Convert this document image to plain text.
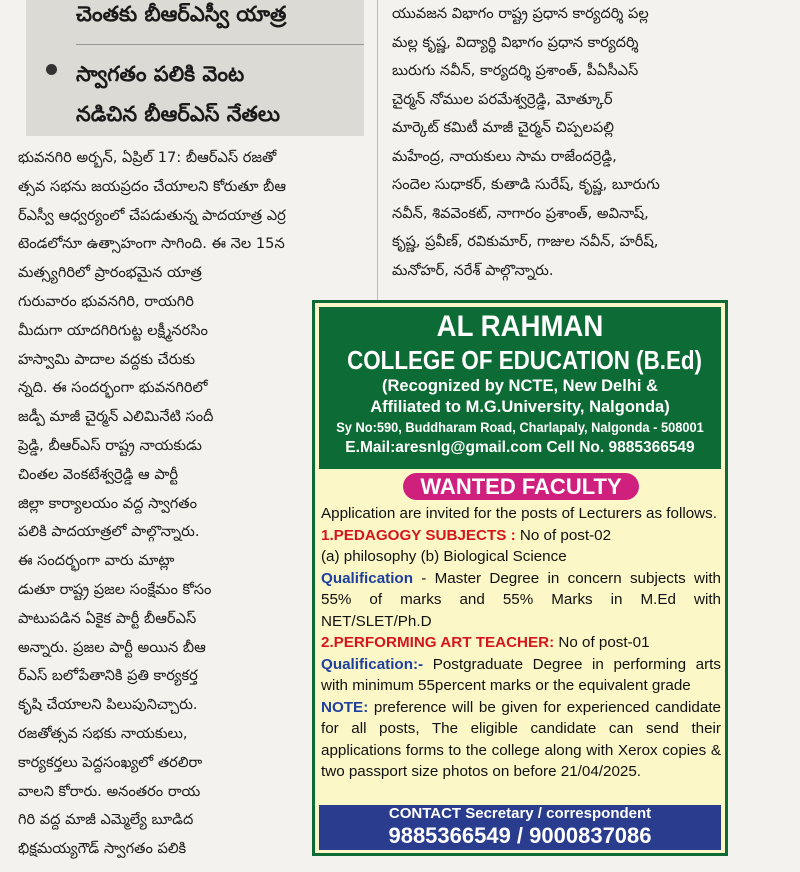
చెంతకు బీఆర్ఎస్వీ యాత్ర
స్వాగతం పలికి వెంట
నడిచిన బీఆర్ఎస్ నేతలు
భువనగిరి అర్బన్, ఏప్రిల్ 17: బీఆర్ఎస్ రజతో
త్సవ సభను జయప్రదం చేయాలని కోరుతూ బీఆ
ర్ఎస్వీ ఆధ్వర్యంలో చేపడుతున్న పాదయాత్ర ఎర్ర
టెండలోనూ ఉత్సాహంగా సాగింది. ఈ నెల 15న
మత్స్యగిరిలో ప్రారంభమైన యాత్ర
గురువారం భువనగిరి, రాయగిరి
మీదుగా యాదగిరిగుట్ట లక్ష్మీనరసిం
హస్వామి పాదాల వద్దకు చేరుకు
న్నది. ఈ సందర్భంగా భువనగిరిలో
జడ్పీ మాజీ చైర్మన్ ఎలిమినేటి సందీ
ప్రెడ్డి, బీఆర్ఎస్ రాష్ట్ర నాయకుడు
చింతల వెంకటేశ్వర్రెడ్డి ఆ పార్టీ
జిల్లా కార్యాలయం వద్ద స్వాగతం
పలికి పాదయాత్రలో పాల్గొన్నారు.
ఈ సందర్భంగా వారు మాట్లా
డుతూ రాష్ట్ర ప్రజల సంక్షేమం కోసం
పాటుపడిన ఏకైక పార్టీ బీఆర్ఎస్
అన్నారు. ప్రజల పార్టీ అయిన బీఆ
ర్ఎస్ బలోపేతానికి ప్రతి కార్యకర్త
కృషి చేయాలని పిలుపునిచ్చారు.
రజతోత్సవ సభకు నాయకులు,
కార్యకర్తలు పెద్దసంఖ్యలో తరలిరా
వాలని కోరారు. అనంతరం రాయ
గిరి వద్ద మాజీ ఎమ్మెల్యే బూడిద
భిక్షమయ్యగౌడ్ స్వాగతం పలికి
యువజన విభాగం రాష్ట్ర ప్రధాన కార్యదర్శి పల్ల
మల్ల కృష్ణ, విద్యార్థి విభాగం ప్రధాన కార్యదర్శి
బురుగు నవీన్, కార్యదర్శి ప్రశాంత్, పీఏసీఎస్
చైర్మన్ నోముల పరమేశ్వర్రెడ్డి, మోత్కూర్
మార్కెట్ కమిటీ మాజీ చైర్మన్ చిప్పలపల్లి
మహేంద్ర, నాయకులు సామ రాజేందర్రెడ్డి,
సందెల సుధాకర్, కుతాడి సురేష్, కృష్ణ, బూరుగు
నవీన్, శివవెంకట్, నాగారం ప్రశాంత్, అవినాష్,
కృష్ణ, ప్రవీణ్, రవికుమార్, గాజుల నవీన్, హరీష్,
మనోహర్, నరేశ్ పాల్గొన్నారు.
AL RAHMAN
COLLEGE OF EDUCATION (B.Ed)
(Recognized by NCTE, New Delhi &
Affiliated to M.G.University, Nalgonda)
Sy No:590, Buddharam Road, Charlapaly, Nalgonda - 508001
E.Mail:aresnlg@gmail.com Cell No. 9885366549
WANTED FACULTY

Application are invited for the posts of Lecturers as follows.

1.PEDAGOGY SUBJECTS : No of post-02

(a) philosophy (b) Biological Science

Qualification - Master Degree in concern subjects with 55% of marks and 55% Marks in M.Ed with NET/SLET/Ph.D

2.PERFORMING ART TEACHER: No of post-01

Qualification:- Postgraduate Degree in performing arts with minimum 55percent marks or the equivalent grade

NOTE: preference will be given for experienced candidate for all posts, The eligible candidate can send their applications forms to the college along with Xerox copies & two passport size photos on before 21/04/2025.

CONTACT Secretary / correspondent
9885366549 / 9000837086
